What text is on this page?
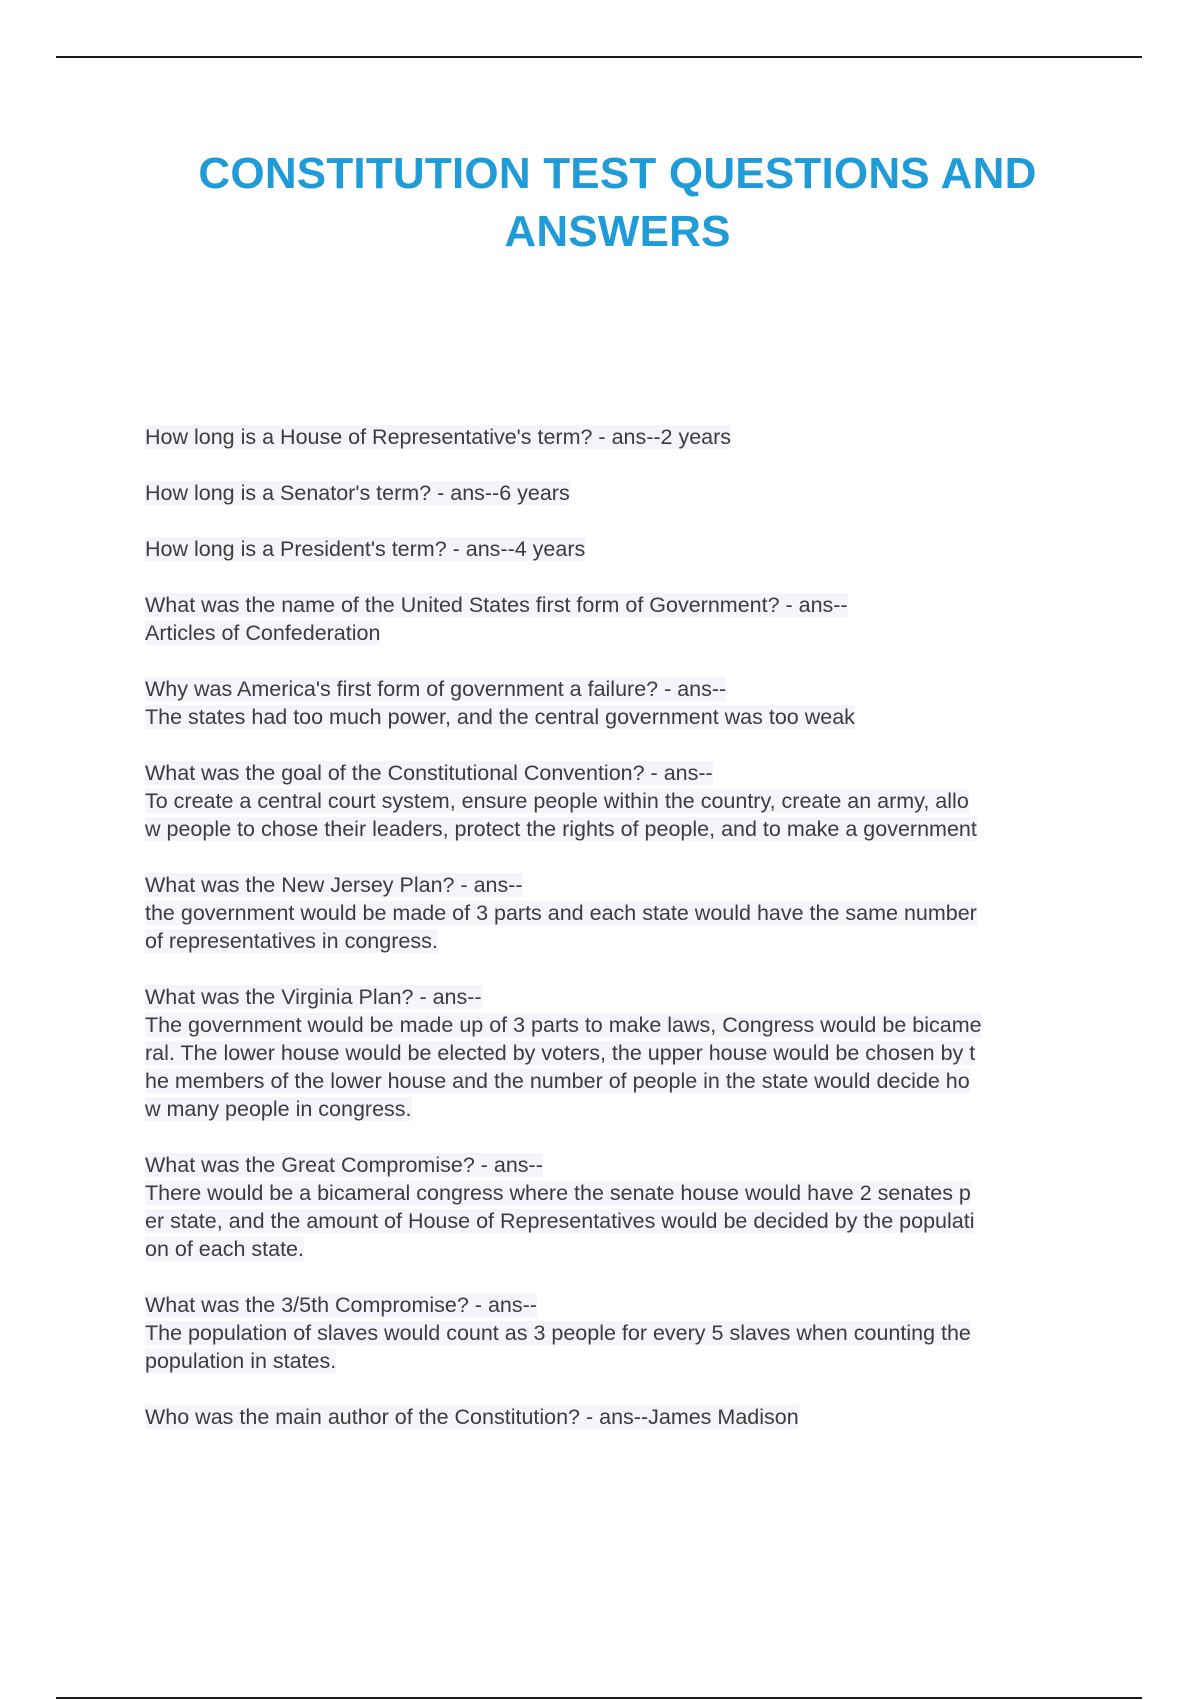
CONSTITUTION TEST QUESTIONS AND ANSWERS
How long is a House of Representative's term? - ans--2 years
How long is a Senator's term? - ans--6 years
How long is a President's term? - ans--4 years
What was the name of the United States first form of Government? - ans--
Articles of Confederation
Why was America's first form of government a failure? - ans--
The states had too much power, and the central government was too weak
What was the goal of the Constitutional Convention? - ans--
To create a central court system, ensure people within the country, create an army, allo
w people to chose their leaders, protect the rights of people, and to make a government
What was the New Jersey Plan? - ans--
the government would be made of 3 parts and each state would have the same number
of representatives in congress.
What was the Virginia Plan? - ans--
The government would be made up of 3 parts to make laws, Congress would be bicame
ral. The lower house would be elected by voters, the upper house would be chosen by t
he members of the lower house and the number of people in the state would decide ho
w many people in congress.
What was the Great Compromise? - ans--
There would be a bicameral congress where the senate house would have 2 senates p
er state, and the amount of House of Representatives would be decided by the populati
on of each state.
What was the 3/5th Compromise? - ans--
The population of slaves would count as 3 people for every 5 slaves when counting the
population in states.
Who was the main author of the Constitution? - ans--James Madison
